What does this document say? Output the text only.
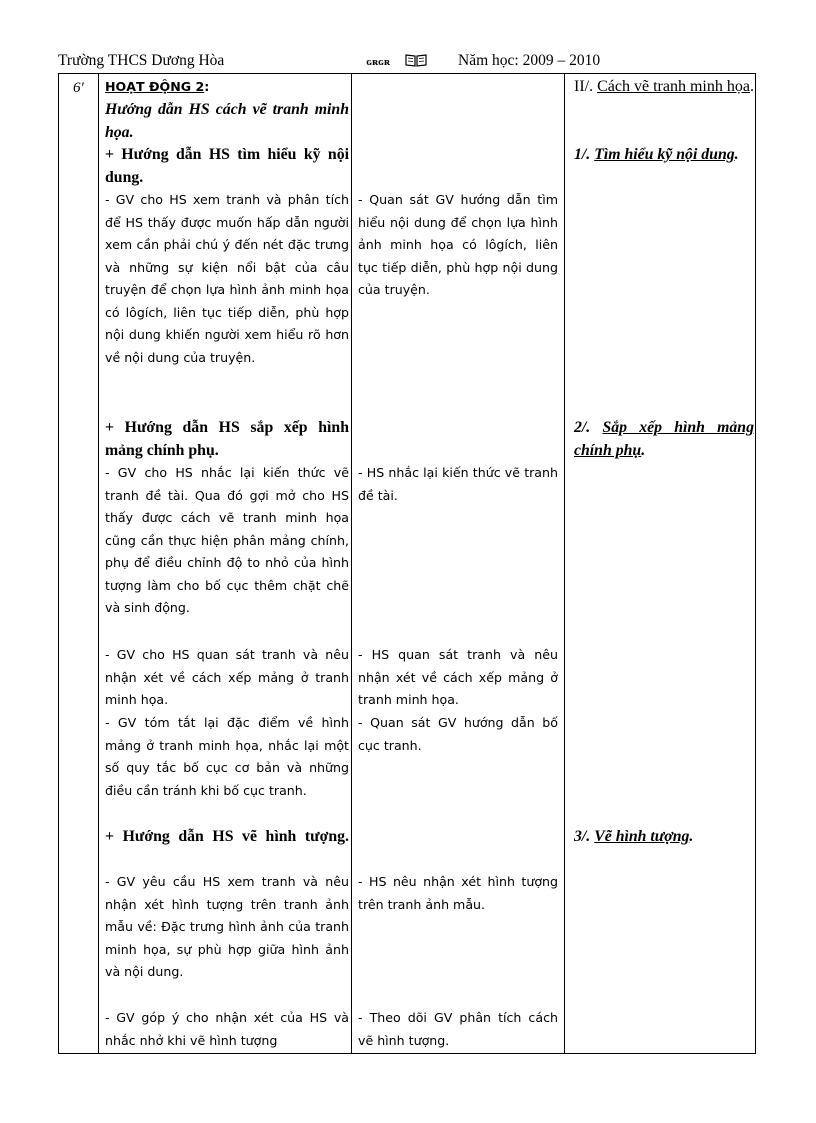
Trường THCS Dương Hòa	ɢʀɢʀ	Năm học: 2009 – 2010
6' HOẠT ĐỘNG 2:
Hướng dẫn HS cách vẽ tranh minh họa.
+ Hướng dẫn HS tìm hiểu kỹ nội dung.
- GV cho HS xem tranh và phân tích để HS thấy được muốn hấp dẫn người xem cần phải chú ý đến nét đặc trưng và những sự kiện nổi bật của câu truyện để chọn lựa hình ảnh minh họa có lôgích, liên tục tiếp diễn, phù hợp nội dung khiến người xem hiểu rõ hơn về nội dung của truyện.
+ Hướng dẫn HS sắp xếp hình mảng chính phụ.
- GV cho HS nhắc lại kiến thức vẽ tranh đề tài. Qua đó gợi mở cho HS thấy được cách vẽ tranh minh họa cũng cần thực hiện phân mảng chính, phụ để điều chỉnh độ to nhỏ của hình tượng làm cho bố cục thêm chặt chẽ và sinh động.
- GV cho HS quan sát tranh và nêu nhận xét về cách xếp mảng ở tranh minh họa.
- GV tóm tắt lại đặc điểm về hình mảng ở tranh minh họa, nhắc lại một số quy tắc bố cục cơ bản và những điều cần tránh khi bố cục tranh.
+ Hướng dẫn HS vẽ hình tượng.
- GV yêu cầu HS xem tranh và nêu nhận xét hình tượng trên tranh ảnh mẫu về: Đặc trưng hình ảnh của tranh minh họa, sự phù hợp giữa hình ảnh và nội dung.
- GV góp ý cho nhận xét của HS và nhắc nhở khi vẽ hình tượng
- Quan sát GV hướng dẫn tìm hiểu nội dung để chọn lựa hình ảnh minh họa có lôgích, liên tục tiếp diễn, phù hợp nội dung của truyện.
- HS nhắc lại kiến thức vẽ tranh đề tài.
- HS quan sát tranh và nêu nhận xét về cách xếp mảng ở tranh minh họa.
- Quan sát GV hướng dẫn bố cục tranh.
- HS nêu nhận xét hình tượng trên tranh ảnh mẫu.
- Theo dõi GV phân tích cách vẽ hình tượng.
II/. Cách vẽ tranh minh họa.
1/. Tìm hiểu kỹ nội dung.
2/. Sắp xếp hình mảng chính phụ.
3/. Vẽ hình tượng.
